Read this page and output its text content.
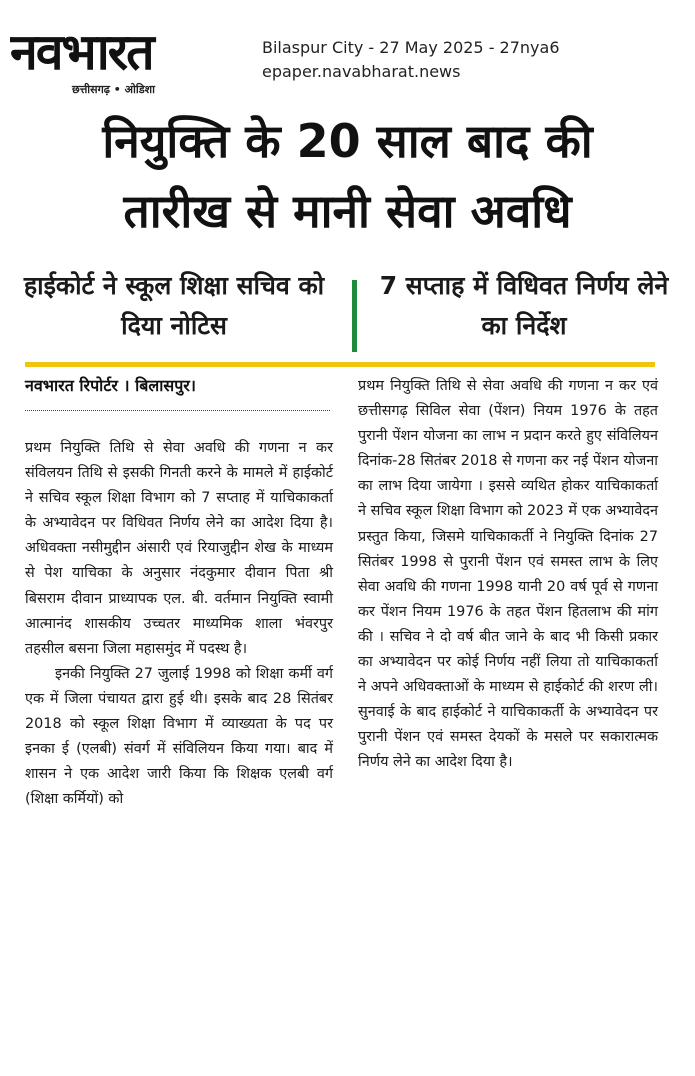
नवभारत
छत्तीसगढ़ • ओडिशा
Bilaspur City - 27 May 2025 - 27nya6
epaper.navabharat.news
नियुक्ति के 20 साल बाद की
तारीख से मानी सेवा अवधि
हाईकोर्ट ने स्कूल शिक्षा सचिव को दिया नोटिस
7 सप्ताह में विधिवत निर्णय लेने का निर्देश
नवभारत रिपोर्टर । बिलासपुर।

प्रथम नियुक्ति तिथि से सेवा अवधि की गणना न कर संविलयन तिथि से इसकी गिनती करने के मामले में हाईकोर्ट ने सचिव स्कूल शिक्षा विभाग को 7 सप्ताह में याचिकाकर्ता के अभ्यावेदन पर विधिवत निर्णय लेने का आदेश दिया है। अधिवक्ता नसीमुद्दीन अंसारी एवं रियाजुद्दीन शेख के माध्यम से पेश याचिका के अनुसार नंदकुमार दीवान पिता श्री बिसराम दीवान प्राध्यापक एल. बी. वर्तमान नियुक्ति स्वामी आत्मानंद शासकीय उच्चतर माध्यमिक शाला भंवरपुर तहसील बसना जिला महासमुंद में पदस्थ है।

इनकी नियुक्ति 27 जुलाई 1998 को शिक्षा कर्मी वर्ग एक में जिला पंचायत द्वारा हुई थी। इसके बाद 28 सितंबर 2018 को स्कूल शिक्षा विभाग में व्याख्यता के पद पर इनका ई (एलबी) संवर्ग में संविलियन किया गया। बाद में शासन ने एक आदेश जारी किया कि शिक्षक एलबी वर्ग (शिक्षा कर्मियों) को

प्रथम नियुक्ति तिथि से सेवा अवधि की गणना न कर एवं छत्तीसगढ़ सिविल सेवा (पेंशन) नियम 1976 के तहत पुरानी पेंशन योजना का लाभ न प्रदान करते हुए संविलियन दिनांक-28 सितंबर 2018 से गणना कर नई पेंशन योजना का लाभ दिया जायेगा । इससे व्यथित होकर याचिकाकर्ता ने सचिव स्कूल शिक्षा विभाग को 2023 में एक अभ्यावेदन प्रस्तुत किया, जिसमे याचिकाकर्ती ने नियुक्ति दिनांक 27 सितंबर 1998 से पुरानी पेंशन एवं समस्त लाभ के लिए सेवा अवधि की गणना 1998 यानी 20 वर्ष पूर्व से गणना कर पेंशन नियम 1976 के तहत पेंशन हितलाभ की मांग की । सचिव ने दो वर्ष बीत जाने के बाद भी किसी प्रकार का अभ्यावेदन पर कोई निर्णय नहीं लिया तो याचिकाकर्ता ने अपने अधिवक्ताओं के माध्यम से हाईकोर्ट की शरण ली। सुनवाई के बाद हाईकोर्ट ने याचिकाकर्ती के अभ्यावेदन पर पुरानी पेंशन एवं समस्त देयकों के मसले पर सकारात्मक निर्णय लेने का आदेश दिया है।
